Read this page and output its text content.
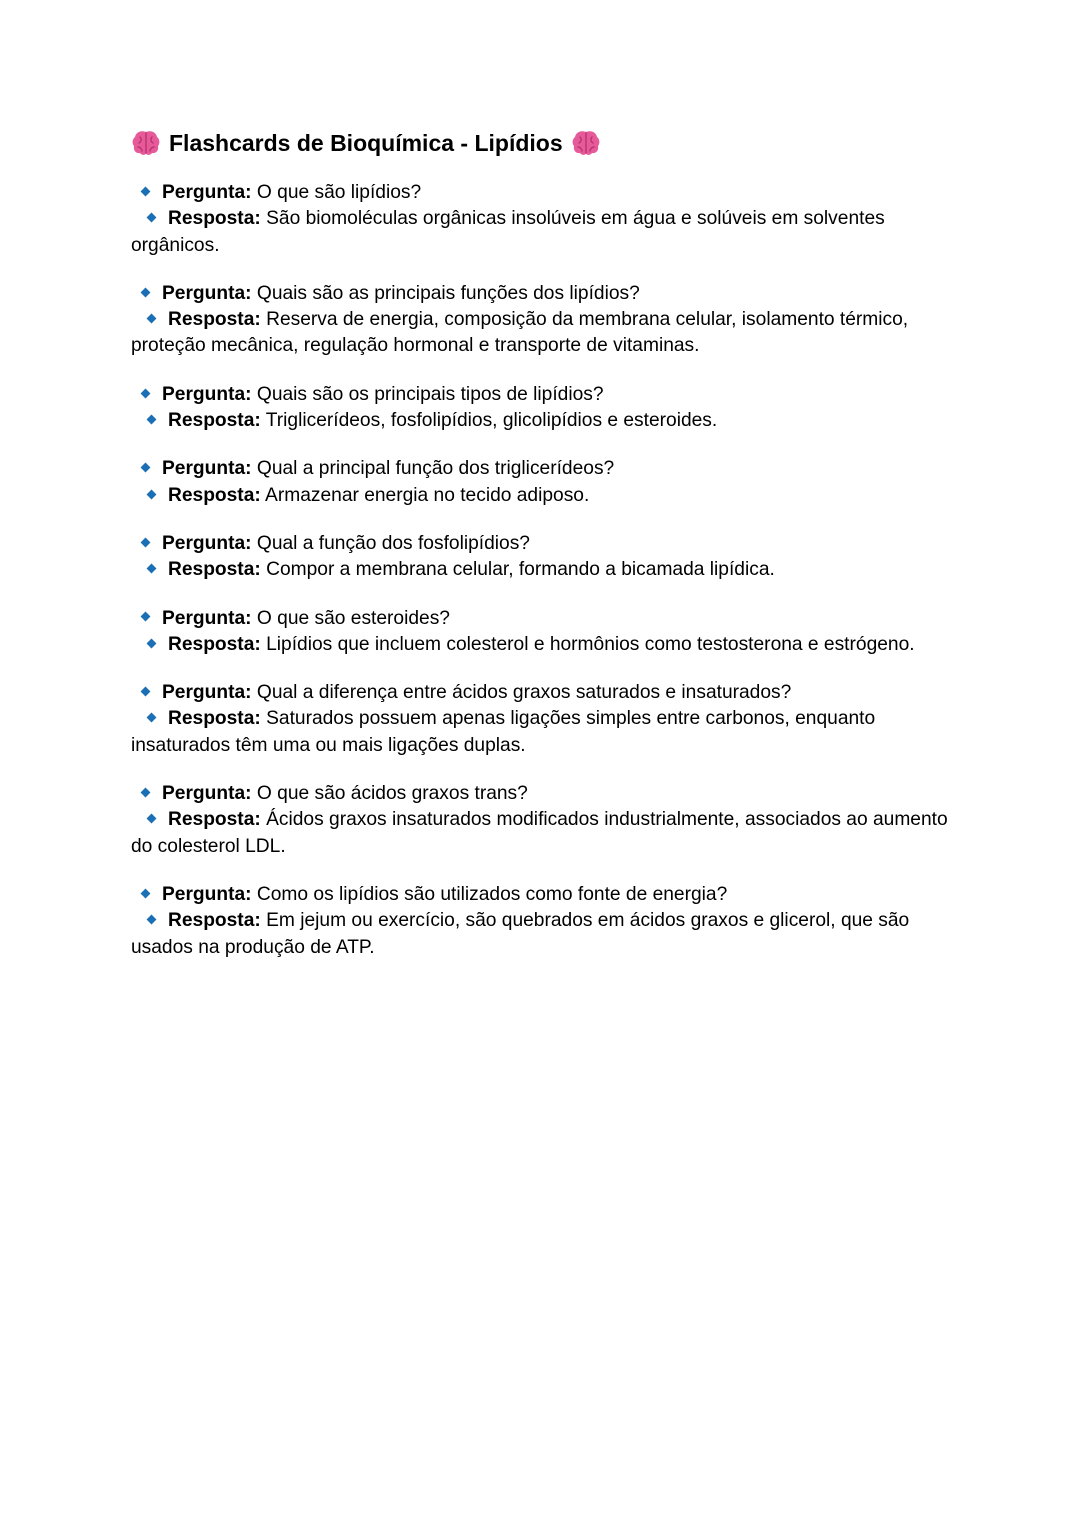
Flashcards de Bioquímica - Lipídios

Pergunta: O que são lipídios?

Resposta: São biomoléculas orgânicas insolúveis em água e solúveis em solventes orgânicos.

Pergunta: Quais são as principais funções dos lipídios?

Resposta: Reserva de energia, composição da membrana celular, isolamento térmico, proteção mecânica, regulação hormonal e transporte de vitaminas.

Pergunta: Quais são os principais tipos de lipídios?

Resposta: Triglicerídeos, fosfolipídios, glicolipídios e esteroides.

Pergunta: Qual a principal função dos triglicerídeos?

Resposta: Armazenar energia no tecido adiposo.

Pergunta: Qual a função dos fosfolipídios?

Resposta: Compor a membrana celular, formando a bicamada lipídica.

Pergunta: O que são esteroides?

Resposta: Lipídios que incluem colesterol e hormônios como testosterona e estrógeno.

Pergunta: Qual a diferença entre ácidos graxos saturados e insaturados?

Resposta: Saturados possuem apenas ligações simples entre carbonos, enquanto insaturados têm uma ou mais ligações duplas.

Pergunta: O que são ácidos graxos trans?

Resposta: Ácidos graxos insaturados modificados industrialmente, associados ao aumento do colesterol LDL.

Pergunta: Como os lipídios são utilizados como fonte de energia?

Resposta: Em jejum ou exercício, são quebrados em ácidos graxos e glicerol, que são usados na produção de ATP.
